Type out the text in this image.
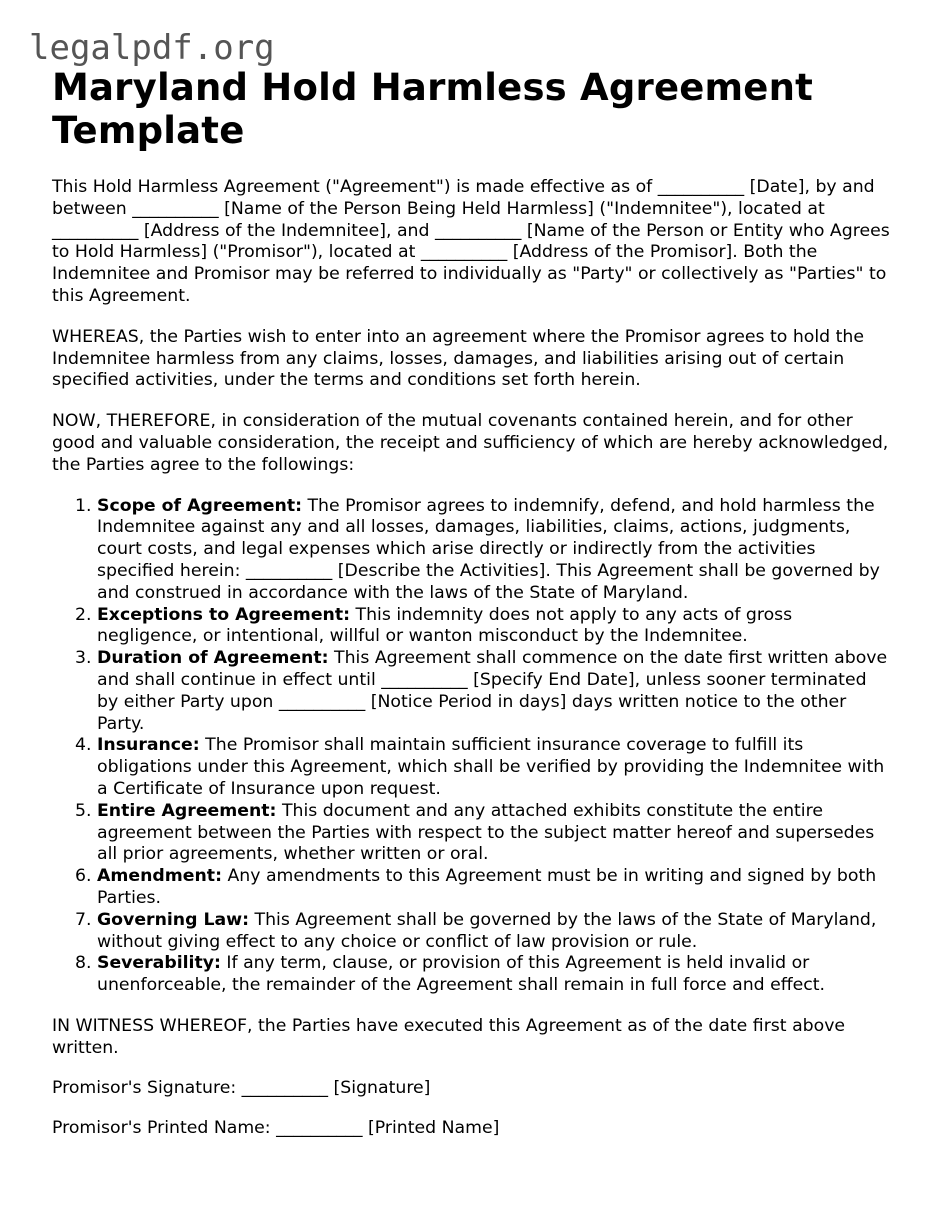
legalpdf.org
Maryland Hold Harmless Agreement Template

This Hold Harmless Agreement ("Agreement") is made effective as of __________ [Date], by and between __________ [Name of the Person Being Held Harmless] ("Indemnitee"), located at __________ [Address of the Indemnitee], and __________ [Name of the Person or Entity who Agrees to Hold Harmless] ("Promisor"), located at __________ [Address of the Promisor]. Both the Indemnitee and Promisor may be referred to individually as "Party" or collectively as "Parties" to this Agreement.

WHEREAS, the Parties wish to enter into an agreement where the Promisor agrees to hold the Indemnitee harmless from any claims, losses, damages, and liabilities arising out of certain specified activities, under the terms and conditions set forth herein.

NOW, THEREFORE, in consideration of the mutual covenants contained herein, and for other good and valuable consideration, the receipt and sufficiency of which are hereby acknowledged, the Parties agree to the followings:

1. Scope of Agreement: The Promisor agrees to indemnify, defend, and hold harmless the Indemnitee against any and all losses, damages, liabilities, claims, actions, judgments, court costs, and legal expenses which arise directly or indirectly from the activities specified herein: __________ [Describe the Activities]. This Agreement shall be governed by and construed in accordance with the laws of the State of Maryland.
2. Exceptions to Agreement: This indemnity does not apply to any acts of gross negligence, or intentional, willful or wanton misconduct by the Indemnitee.
3. Duration of Agreement: This Agreement shall commence on the date first written above and shall continue in effect until __________ [Specify End Date], unless sooner terminated by either Party upon __________ [Notice Period in days] days written notice to the other Party.
4. Insurance: The Promisor shall maintain sufficient insurance coverage to fulfill its obligations under this Agreement, which shall be verified by providing the Indemnitee with a Certificate of Insurance upon request.
5. Entire Agreement: This document and any attached exhibits constitute the entire agreement between the Parties with respect to the subject matter hereof and supersedes all prior agreements, whether written or oral.
6. Amendment: Any amendments to this Agreement must be in writing and signed by both Parties.
7. Governing Law: This Agreement shall be governed by the laws of the State of Maryland, without giving effect to any choice or conflict of law provision or rule.
8. Severability: If any term, clause, or provision of this Agreement is held invalid or unenforceable, the remainder of the Agreement shall remain in full force and effect.

IN WITNESS WHEREOF, the Parties have executed this Agreement as of the date first above written.

Promisor's Signature: __________ [Signature]

Promisor's Printed Name: __________ [Printed Name]
